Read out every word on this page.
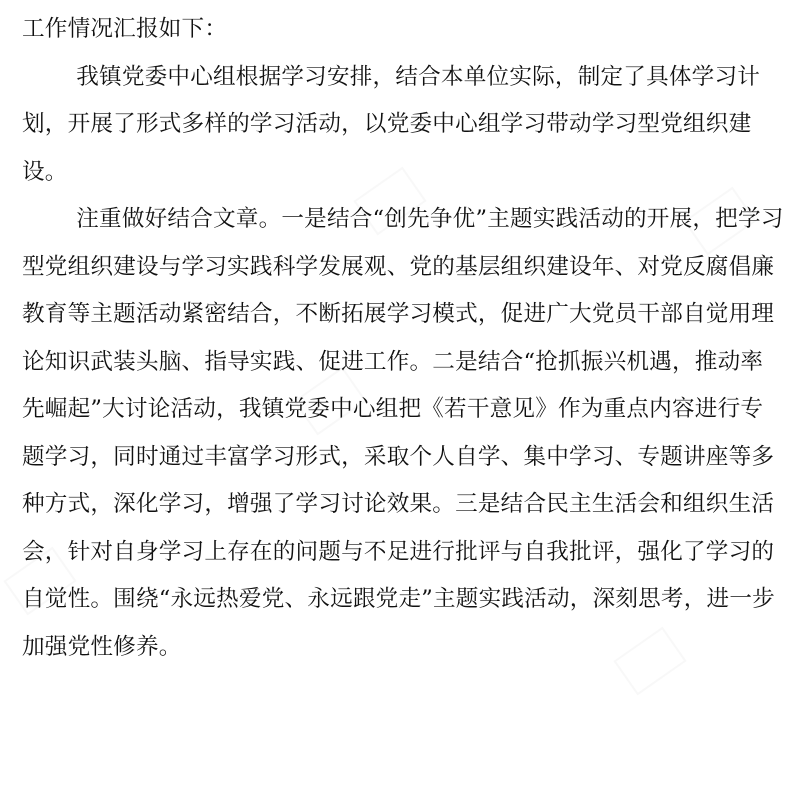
工作情况汇报如下：

我镇党委中心组根据学习安排，结合本单位实际，制定了具体学习计划，开展了形式多样的学习活动，以党委中心组学习带动学习型党组织建设。

注重做好结合文章。一是结合“创先争优”主题实践活动的开展，把学习型党组织建设与学习实践科学发展观、党的基层组织建设年、对党反腐倡廉教育等主题活动紧密结合，不断拓展学习模式，促进广大党员干部自觉用理论知识武装头脑、指导实践、促进工作。二是结合“抢抓振兴机遇，推动率先崛起”大讨论活动，我镇党委中心组把《若干意见》作为重点内容进行专题学习，同时通过丰富学习形式，采取个人自学、集中学习、专题讲座等多种方式，深化学习，增强了学习讨论效果。三是结合民主生活会和组织生活会，针对自身学习上存在的问题与不足进行批评与自我批评，强化了学习的自觉性。围绕“永远热爱党、永远跟党走”主题实践活动，深刻思考，进一步加强党性修养。
